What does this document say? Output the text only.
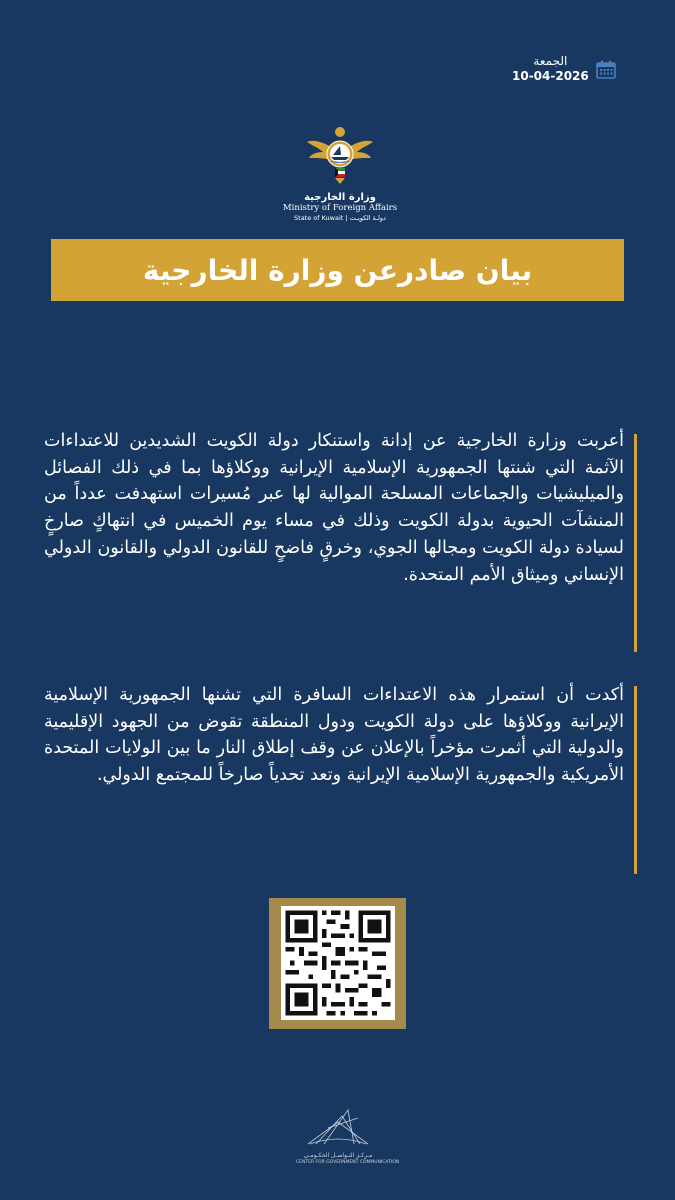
الجمعة
10-04-2026
وزارة الخارجية
Ministry of Foreign Affairs
State of Kuwait | دولـة الكويـت
بيان صادرعن وزارة الخارجية
أعربت وزارة الخارجية عن إدانة واستنكار دولة الكويت الشديدين للاعتداءات الآثمة التي شنتها الجمهورية الإسلامية الإيرانية ووكلاؤها بما في ذلك الفصائل والميليشيات والجماعات المسلحة الموالية لها عبر مُسيرات استهدفت عدداً من المنشآت الحيوية بدولة الكويت وذلك في مساء يوم الخميس في انتهاكٍ صارخٍ لسيادة دولة الكويت ومجالها الجوي، وخرقٍ فاضحٍ للقانون الدولي والقانون الدولي الإنساني وميثاق الأمم المتحدة.
أكدت أن استمرار هذه الاعتداءات السافرة التي تشنها الجمهورية الإسلامية الإيرانية ووكلاؤها على دولة الكويت ودول المنطقة تقوض من الجهود الإقليمية والدولية التي أثمرت مؤخراً بالإعلان عن وقف إطلاق النار ما بين الولايات المتحدة الأمريكية والجمهورية الإسلامية الإيرانية وتعد تحدياً صارخاً للمجتمع الدولي.
مـركـز التـواصـل الحكـومـي
CENTER FOR GOVERNMENT COMMUNICATION
